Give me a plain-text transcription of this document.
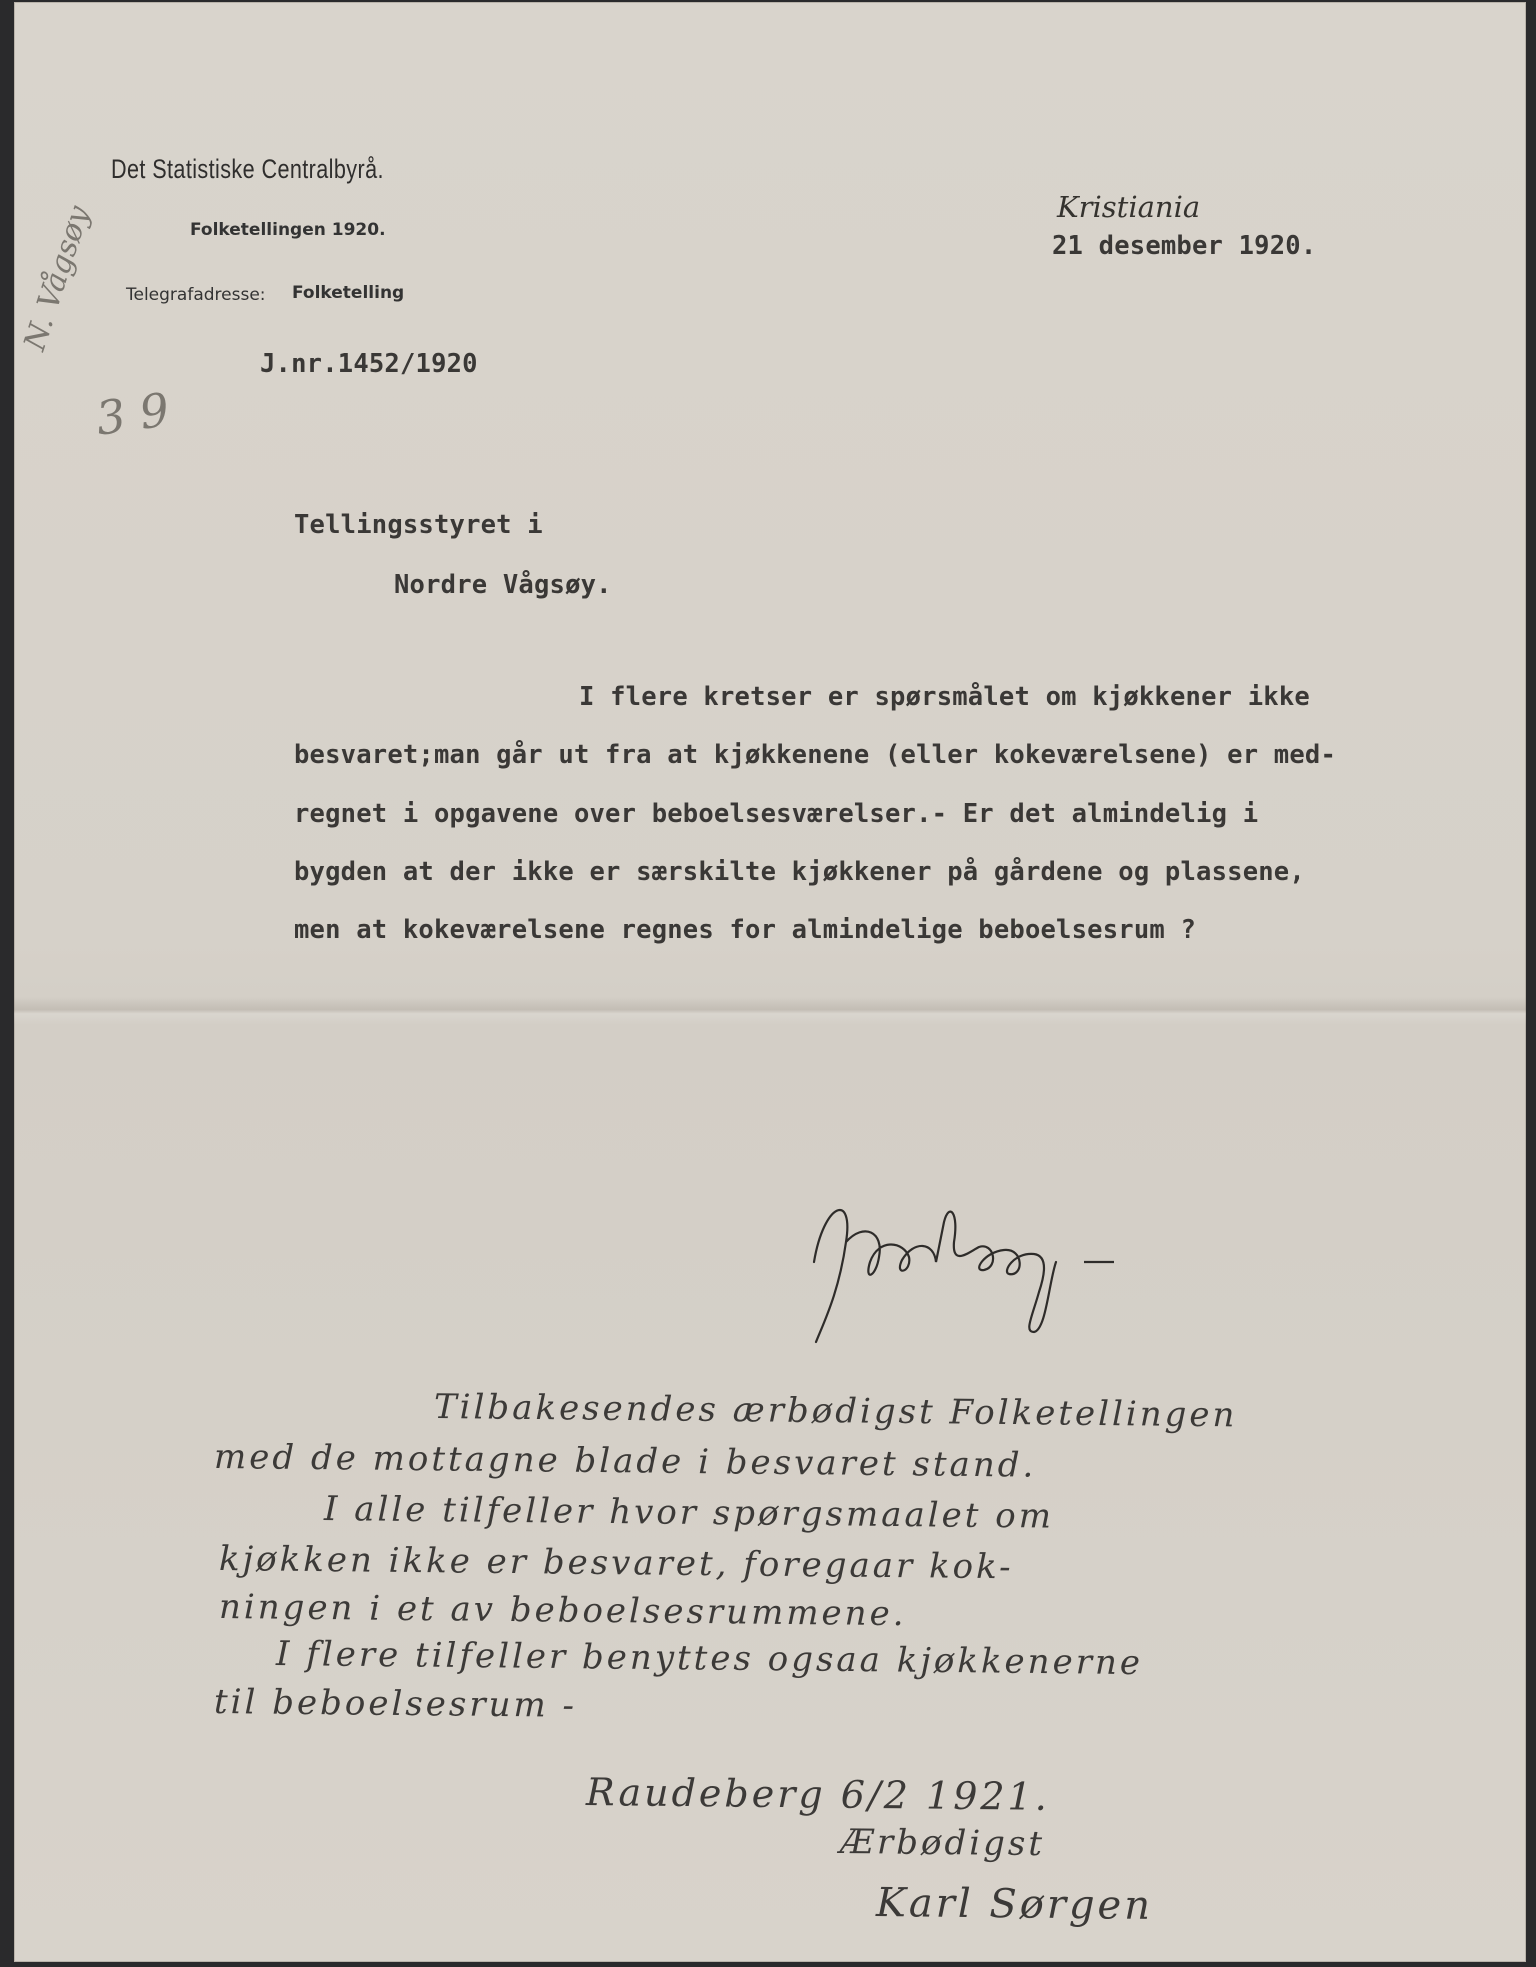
Det Statistiske Centralbyrå.
Folketellingen 1920.
Telegrafadresse: Folketelling
Kristiania
21 desember 1920.
J.nr.1452/1920
N. Vågsøy
3 9
Tellingsstyret i
Nordre Vågsøy.
I flere kretser er spørsmålet om kjøkkener ikke
besvaret;man går ut fra at kjøkkenene (eller kokeværelsene) er med-
regnet i opgavene over beboelsesværelser.- Er det almindelig i
bygden at der ikke er særskilte kjøkkener på gårdene og plassene,
men at kokeværelsene regnes for almindelige beboelsesrum ?
Tilbakesendes ærbødigst Folketellingen
med de mottagne blade i besvaret stand.
I alle tilfeller hvor spørgsmaalet om
kjøkken ikke er besvaret, foregaar kok-
ningen i et av beboelsesrummene.
I flere tilfeller benyttes ogsaa kjøkkenerne
til beboelsesrum -
Raudeberg 6/2 1921.
Ærbødigst
Karl Sørgen
